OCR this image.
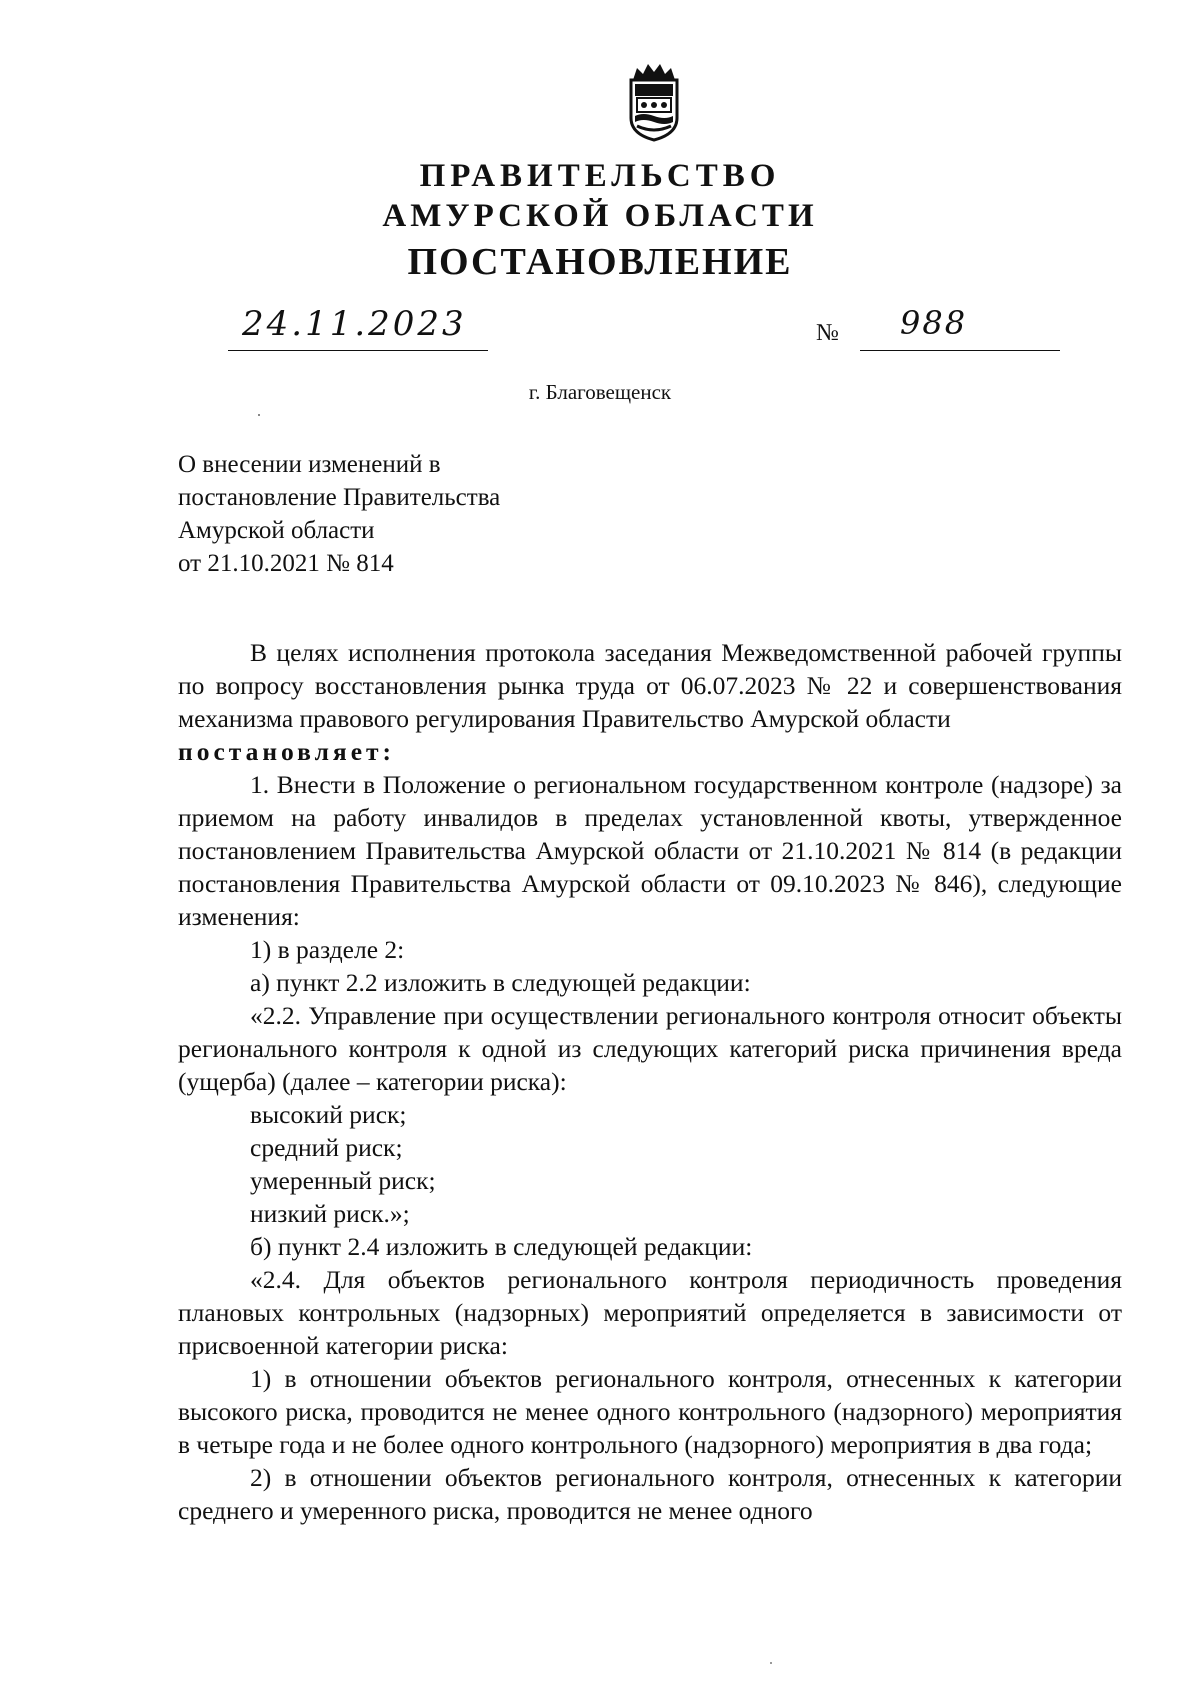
ПРАВИТЕЛЬСТВО
АМУРСКОЙ ОБЛАСТИ
ПОСТАНОВЛЕНИЕ
24.11.2023	№ 988
г. Благовещенск
О внесении изменений в
постановление Правительства
Амурской области
от 21.10.2021 № 814

В целях исполнения протокола заседания Межведомственной рабочей группы по вопросу восстановления рынка труда от 06.07.2023 № 22 и совершенствования механизма правового регулирования Правительство Амурской области

постановляет:

1. Внести в Положение о региональном государственном контроле (надзоре) за приемом на работу инвалидов в пределах установленной квоты, утвержденное постановлением Правительства Амурской области от 21.10.2021 № 814 (в редакции постановления Правительства Амурской области от 09.10.2023 № 846), следующие изменения:

1) в разделе 2:

а) пункт 2.2 изложить в следующей редакции:

«2.2. Управление при осуществлении регионального контроля относит объекты регионального контроля к одной из следующих категорий риска причинения вреда (ущерба) (далее – категории риска):

высокий риск;

средний риск;

умеренный риск;

низкий риск.»;

б) пункт 2.4 изложить в следующей редакции:

«2.4. Для объектов регионального контроля периодичность проведения плановых контрольных (надзорных) мероприятий определяется в зависимости от присвоенной категории риска:

1) в отношении объектов регионального контроля, отнесенных к категории высокого риска, проводится не менее одного контрольного (надзорного) мероприятия в четыре года и не более одного контрольного (надзорного) мероприятия в два года;

2) в отношении объектов регионального контроля, отнесенных к категории среднего и умеренного риска, проводится не менее одного
